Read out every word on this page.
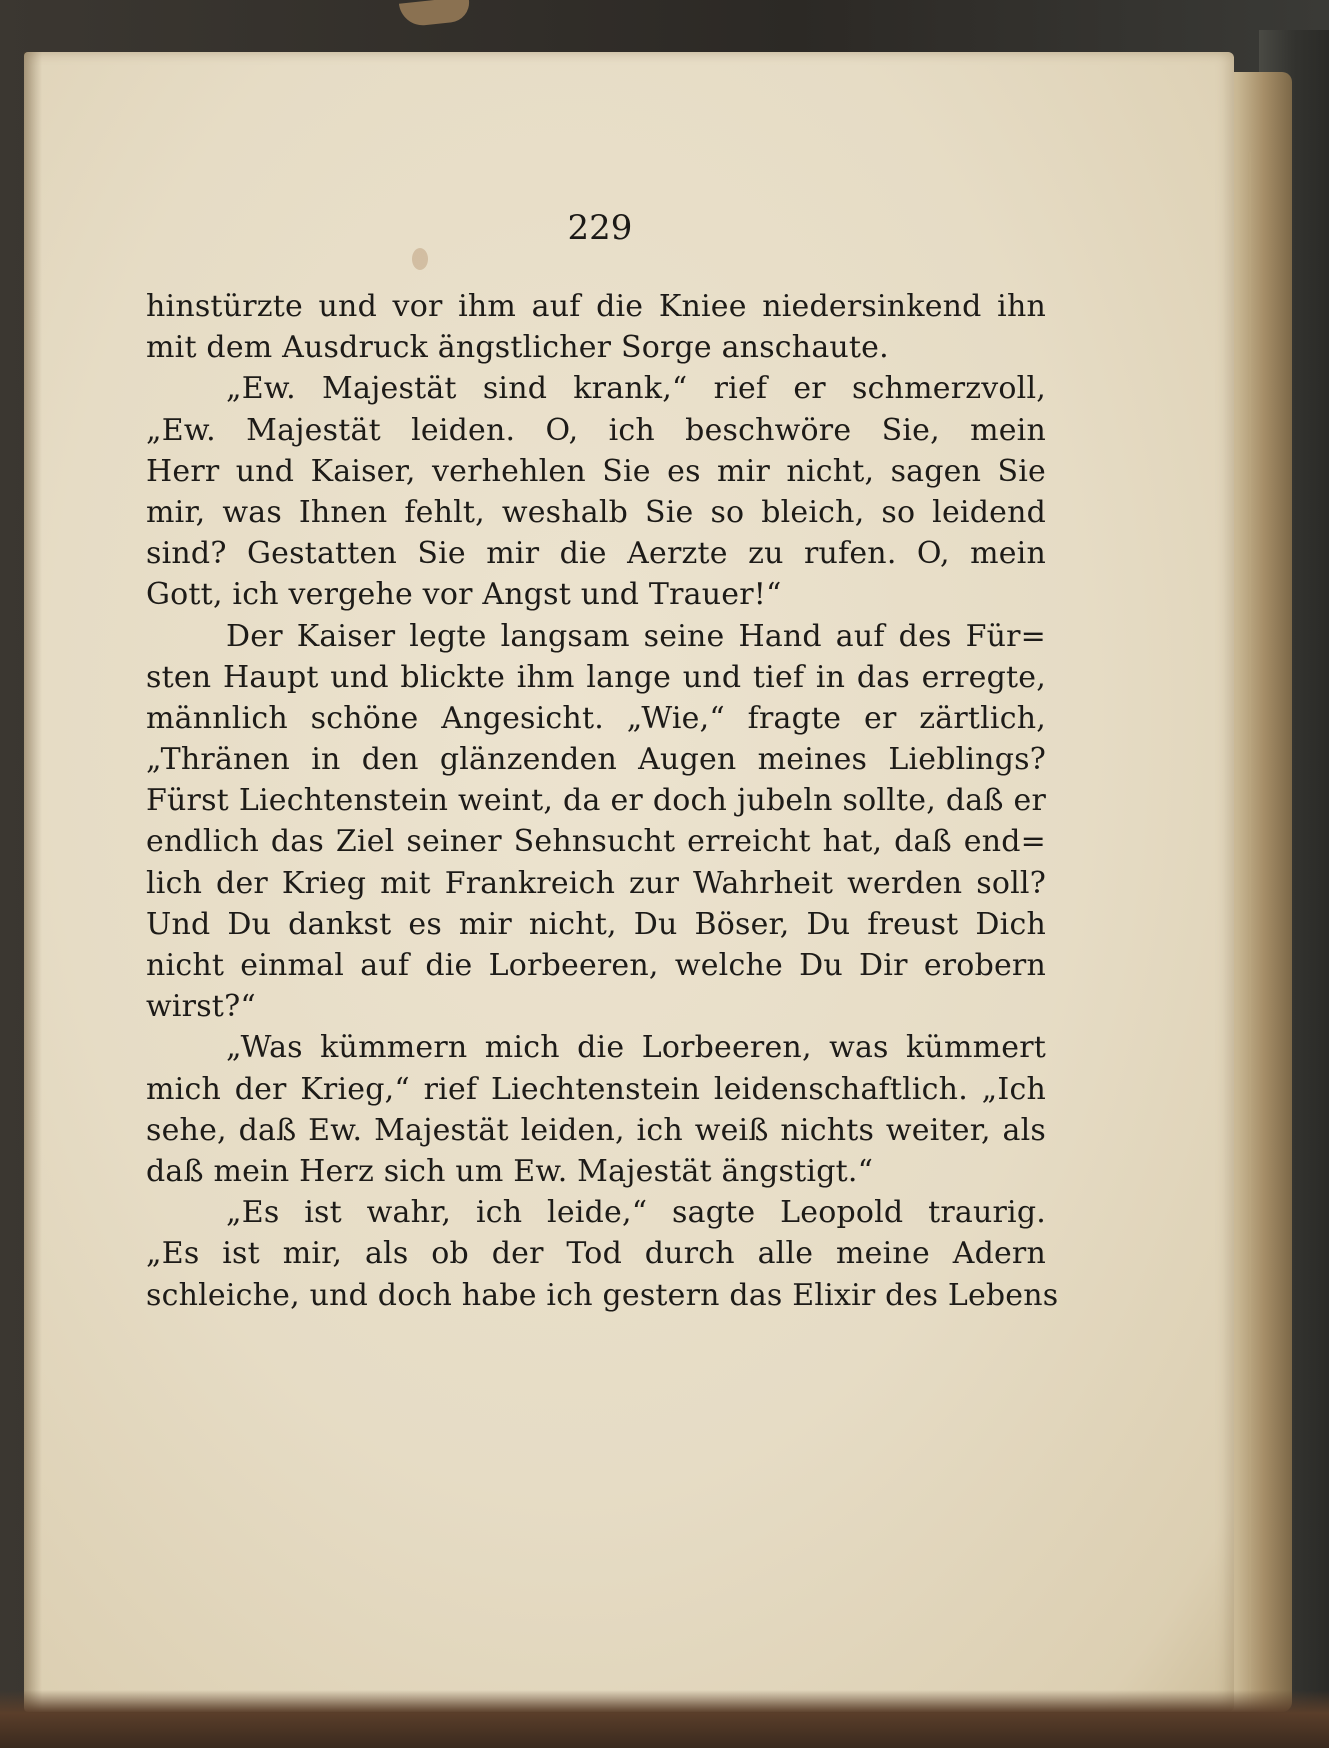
229
hinstürzte und vor ihm auf die Kniee niedersinkend ihn
mit dem Ausdruck ängstlicher Sorge anschaute.
„Ew. Majestät sind krank,“ rief er schmerzvoll,
„Ew. Majestät leiden. O, ich beschwöre Sie, mein
Herr und Kaiser, verhehlen Sie es mir nicht, sagen Sie
mir, was Ihnen fehlt, weshalb Sie so bleich, so leidend
sind? Gestatten Sie mir die Aerzte zu rufen. O, mein
Gott, ich vergehe vor Angst und Trauer!“
Der Kaiser legte langsam seine Hand auf des Für=
sten Haupt und blickte ihm lange und tief in das erregte,
männlich schöne Angesicht. „Wie,“ fragte er zärtlich,
„Thränen in den glänzenden Augen meines Lieblings?
Fürst Liechtenstein weint, da er doch jubeln sollte, daß er
endlich das Ziel seiner Sehnsucht erreicht hat, daß end=
lich der Krieg mit Frankreich zur Wahrheit werden soll?
Und Du dankst es mir nicht, Du Böser, Du freust Dich
nicht einmal auf die Lorbeeren, welche Du Dir erobern
wirst?“
„Was kümmern mich die Lorbeeren, was kümmert
mich der Krieg,“ rief Liechtenstein leidenschaftlich. „Ich
sehe, daß Ew. Majestät leiden, ich weiß nichts weiter, als
daß mein Herz sich um Ew. Majestät ängstigt.“
„Es ist wahr, ich leide,“ sagte Leopold traurig.
„Es ist mir, als ob der Tod durch alle meine Adern
schleiche, und doch habe ich gestern das Elixir des Lebens
